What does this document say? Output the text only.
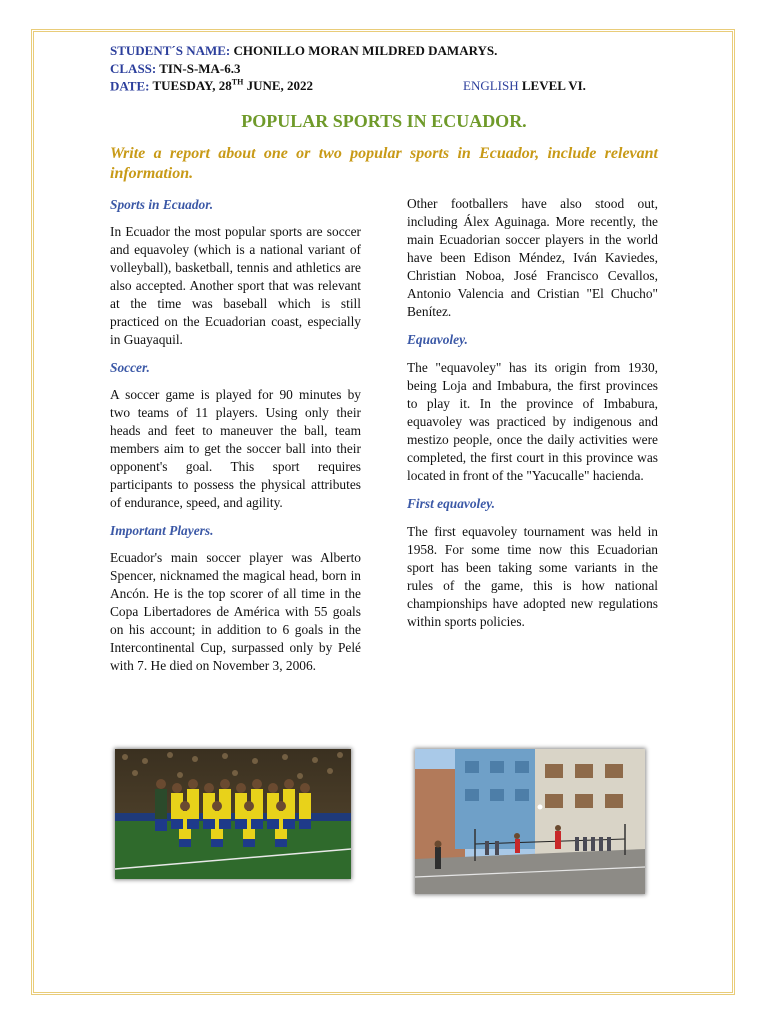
STUDENT´S NAME: CHONILLO MORAN MILDRED DAMARYS.
CLASS: TIN-S-MA-6.3
DATE: TUESDAY, 28TH JUNE, 2022	ENGLISH LEVEL VI.
POPULAR SPORTS IN ECUADOR.
Write a report about one or two popular sports in Ecuador, include relevant information.
Sports in Ecuador.

In Ecuador the most popular sports are soccer and equavoley (which is a national variant of volleyball), basketball, tennis and athletics are also accepted. Another sport that was relevant at the time was baseball which is still practiced on the Ecuadorian coast, especially in Guayaquil.

Soccer.

A soccer game is played for 90 minutes by two teams of 11 players. Using only their heads and feet to maneuver the ball, team members aim to get the soccer ball into their opponent's goal. This sport requires participants to possess the physical attributes of endurance, speed, and agility.

Important Players.

Ecuador's main soccer player was Alberto Spencer, nicknamed the magical head, born in Ancón. He is the top scorer of all time in the Copa Libertadores de América with 55 goals on his account; in addition to 6 goals in the Intercontinental Cup, surpassed only by Pelé with 7. He died on November 3, 2006.

Other footballers have also stood out, including Álex Aguinaga. More recently, the main Ecuadorian soccer players in the world have been Edison Méndez, Iván Kaviedes, Christian Noboa, José Francisco Cevallos, Antonio Valencia and Cristian "El Chucho" Benítez.

Equavoley.

The "equavoley" has its origin from 1930, being Loja and Imbabura, the first provinces to play it. In the province of Imbabura, equavoley was practiced by indigenous and mestizo people, once the daily activities were completed, the first court in this province was located in front of the "Yacucalle" hacienda.

First equavoley.

The first equavoley tournament was held in 1958. For some time now this Ecuadorian sport has been taking some variants in the rules of the game, this is how national championships have adopted new regulations within sports policies.
